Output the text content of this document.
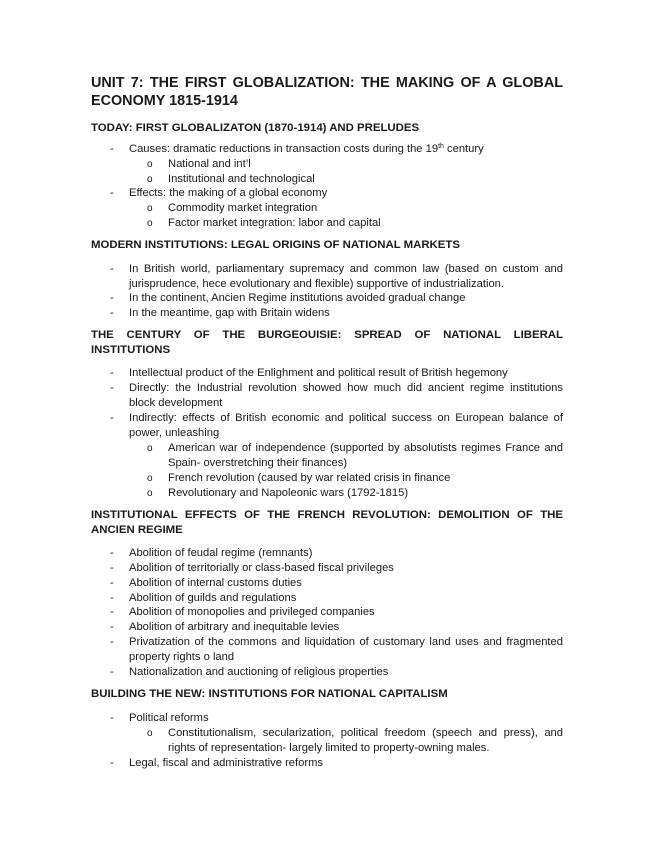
UNIT 7: THE FIRST GLOBALIZATION: THE MAKING OF A GLOBAL ECONOMY 1815-1914
TODAY: FIRST GLOBALIZATON (1870-1914) AND PRELUDES
- Causes: dramatic reductions in transaction costs during the 19th century
o National and int’l
o Institutional and technological
- Effects: the making of a global economy
o Commodity market integration
o Factor market integration: labor and capital
MODERN INSTITUTIONS: LEGAL ORIGINS OF NATIONAL MARKETS
- In British world, parliamentary supremacy and common law (based on custom and jurisprudence, hece evolutionary and flexible) supportive of industrialization.
- In the continent, Ancien Regime institutions avoided gradual change
- In the meantime, gap with Britain widens
THE CENTURY OF THE BURGEOUISIE: SPREAD OF NATIONAL LIBERAL INSTITUTIONS
- Intellectual product of the Enlighment and political result of British hegemony
- Directly: the Industrial revolution showed how much did ancient regime institutions block development
- Indirectly: effects of British economic and political success on European balance of power, unleashing
o American war of independence (supported by absolutists regimes France and Spain- overstretching their finances)
o French revolution (caused by war related crisis in finance
o Revolutionary and Napoleonic wars (1792-1815)
INSTITUTIONAL EFFECTS OF THE FRENCH REVOLUTION: DEMOLITION OF THE ANCIEN REGIME
- Abolition of feudal regime (remnants)
- Abolition of territorially or class-based fiscal privileges
- Abolition of internal customs duties
- Abolition of guilds and regulations
- Abolition of monopolies and privileged companies
- Abolition of arbitrary and inequitable levies
- Privatization of the commons and liquidation of customary land uses and fragmented property rights o land
- Nationalization and auctioning of religious properties
BUILDING THE NEW: INSTITUTIONS FOR NATIONAL CAPITALISM
- Political reforms
o Constitutionalism, secularization, political freedom (speech and press), and rights of representation- largely limited to property-owning males.
- Legal, fiscal and administrative reforms
